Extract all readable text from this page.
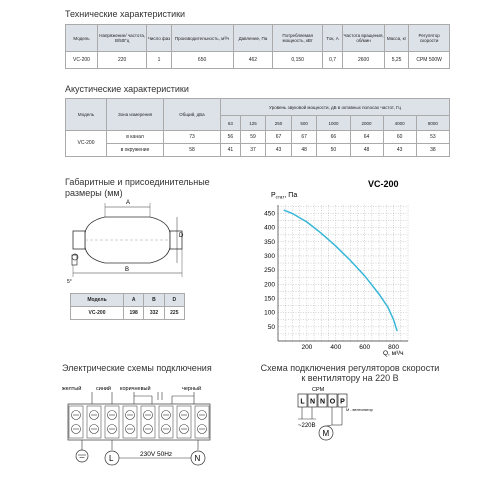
Технические характеристики
Модель	Напряжение/ частота, В/50Гц	Число фаз	Производительность, м³/ч	Давление, Па	Потребляемая мощность, кВт	Ток, А	Частота вращения, об/мин	Масса, кг	Регулятор скорости
VC-200	220	1	650	462	0,150	0,7	2600	5,25	CPM 500W
Акустические характеристики
Модель	Зона измерения	Общий, дБа	Уровень звуковой мощности, дБ в октавных полосах частот, Гц							
			63	125	250	500	1000	2000	4000	8000
VC-200	в канал	73	56	59	67	67	66	64	60	53
	в окружение	58	41	37	43	48	50	48	43	38
Габаритные и присоединительные
размеры (мм)
A
B
D
5°
Модель	A	B	D
VC-200	198	332	225
VC-200
$P_{стат}$, Па
50
100
150
200
250
300
350
400
450
200	400	600	800
Q, м³/ч
Электрические схемы подключения
желтый	синий коричневый	черный
L	N
230V 50Hz
Схема подключения регуляторов скорости
к вентилятору на 220 В
CPM
L N N O P
~220В
M
M - вентилятор
